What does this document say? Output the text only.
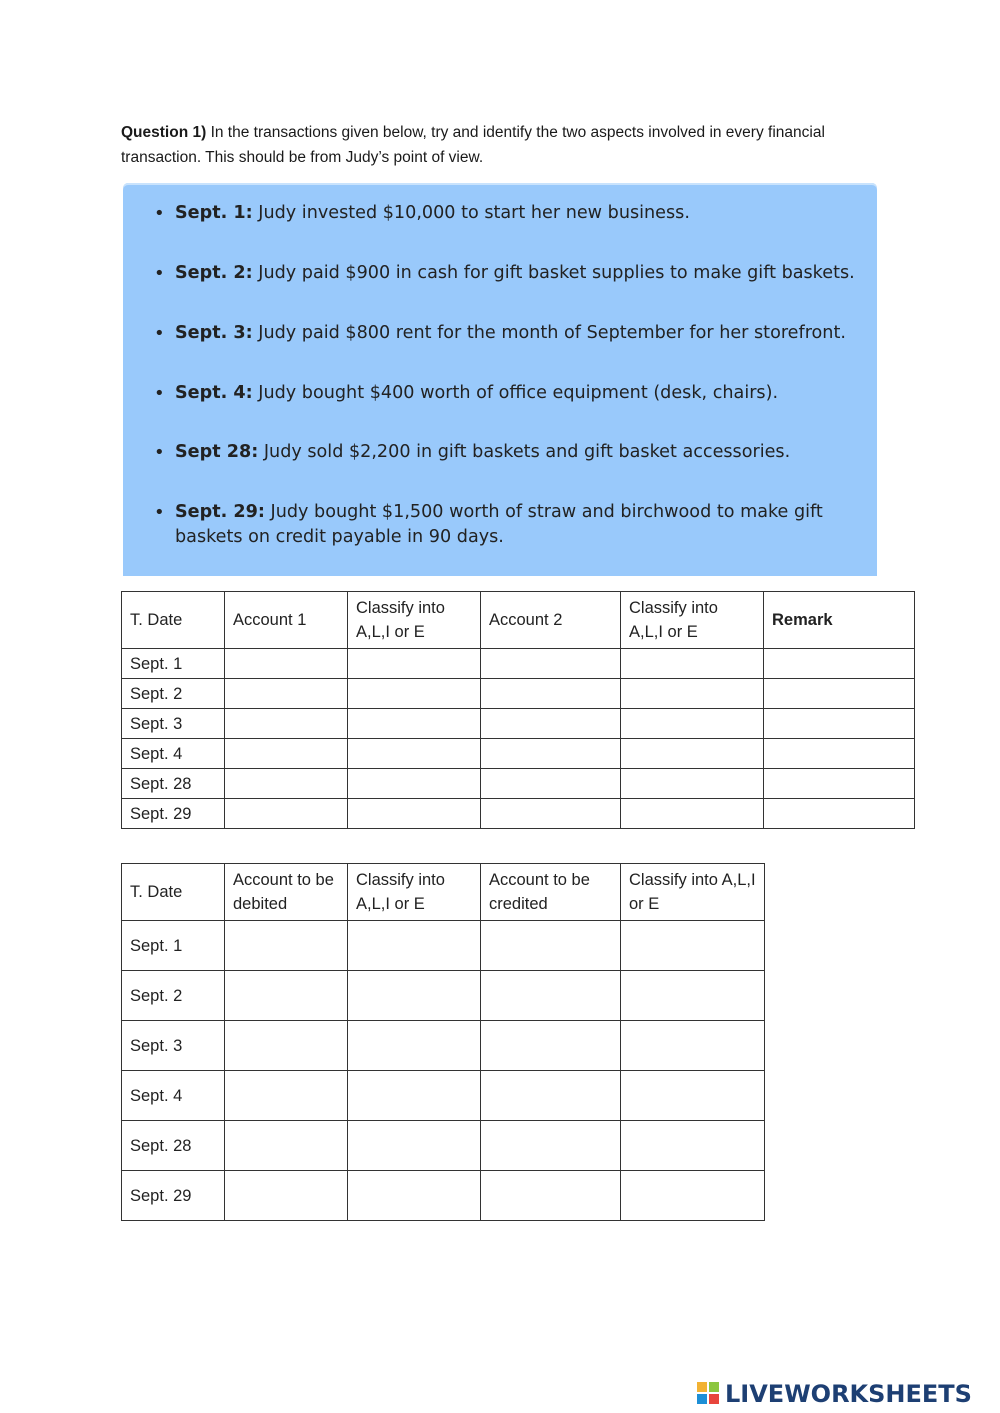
Question 1) In the transactions given below, try and identify the two aspects involved in every financial transaction. This should be from Judy’s point of view.
• Sept. 1: Judy invested $10,000 to start her new business.
• Sept. 2: Judy paid $900 in cash for gift basket supplies to make gift baskets.
• Sept. 3: Judy paid $800 rent for the month of September for her storefront.
• Sept. 4: Judy bought $400 worth of office equipment (desk, chairs).
• Sept 28: Judy sold $2,200 in gift baskets and gift basket accessories.
• Sept. 29: Judy bought $1,500 worth of straw and birchwood to make gift baskets on credit payable in 90 days.
T. Date	Account 1	Classify into A,L,I or E	Account 2	Classify into A,L,I or E	Remark
Sept. 1					
Sept. 2					
Sept. 3					
Sept. 4					
Sept. 28					
Sept. 29					
T. Date	Account to be debited	Classify into A,L,I or E	Account to be credited	Classify into A,L,I or E
Sept. 1				
Sept. 2				
Sept. 3				
Sept. 4				
Sept. 28				
Sept. 29				
LIVEWORKSHEETS
